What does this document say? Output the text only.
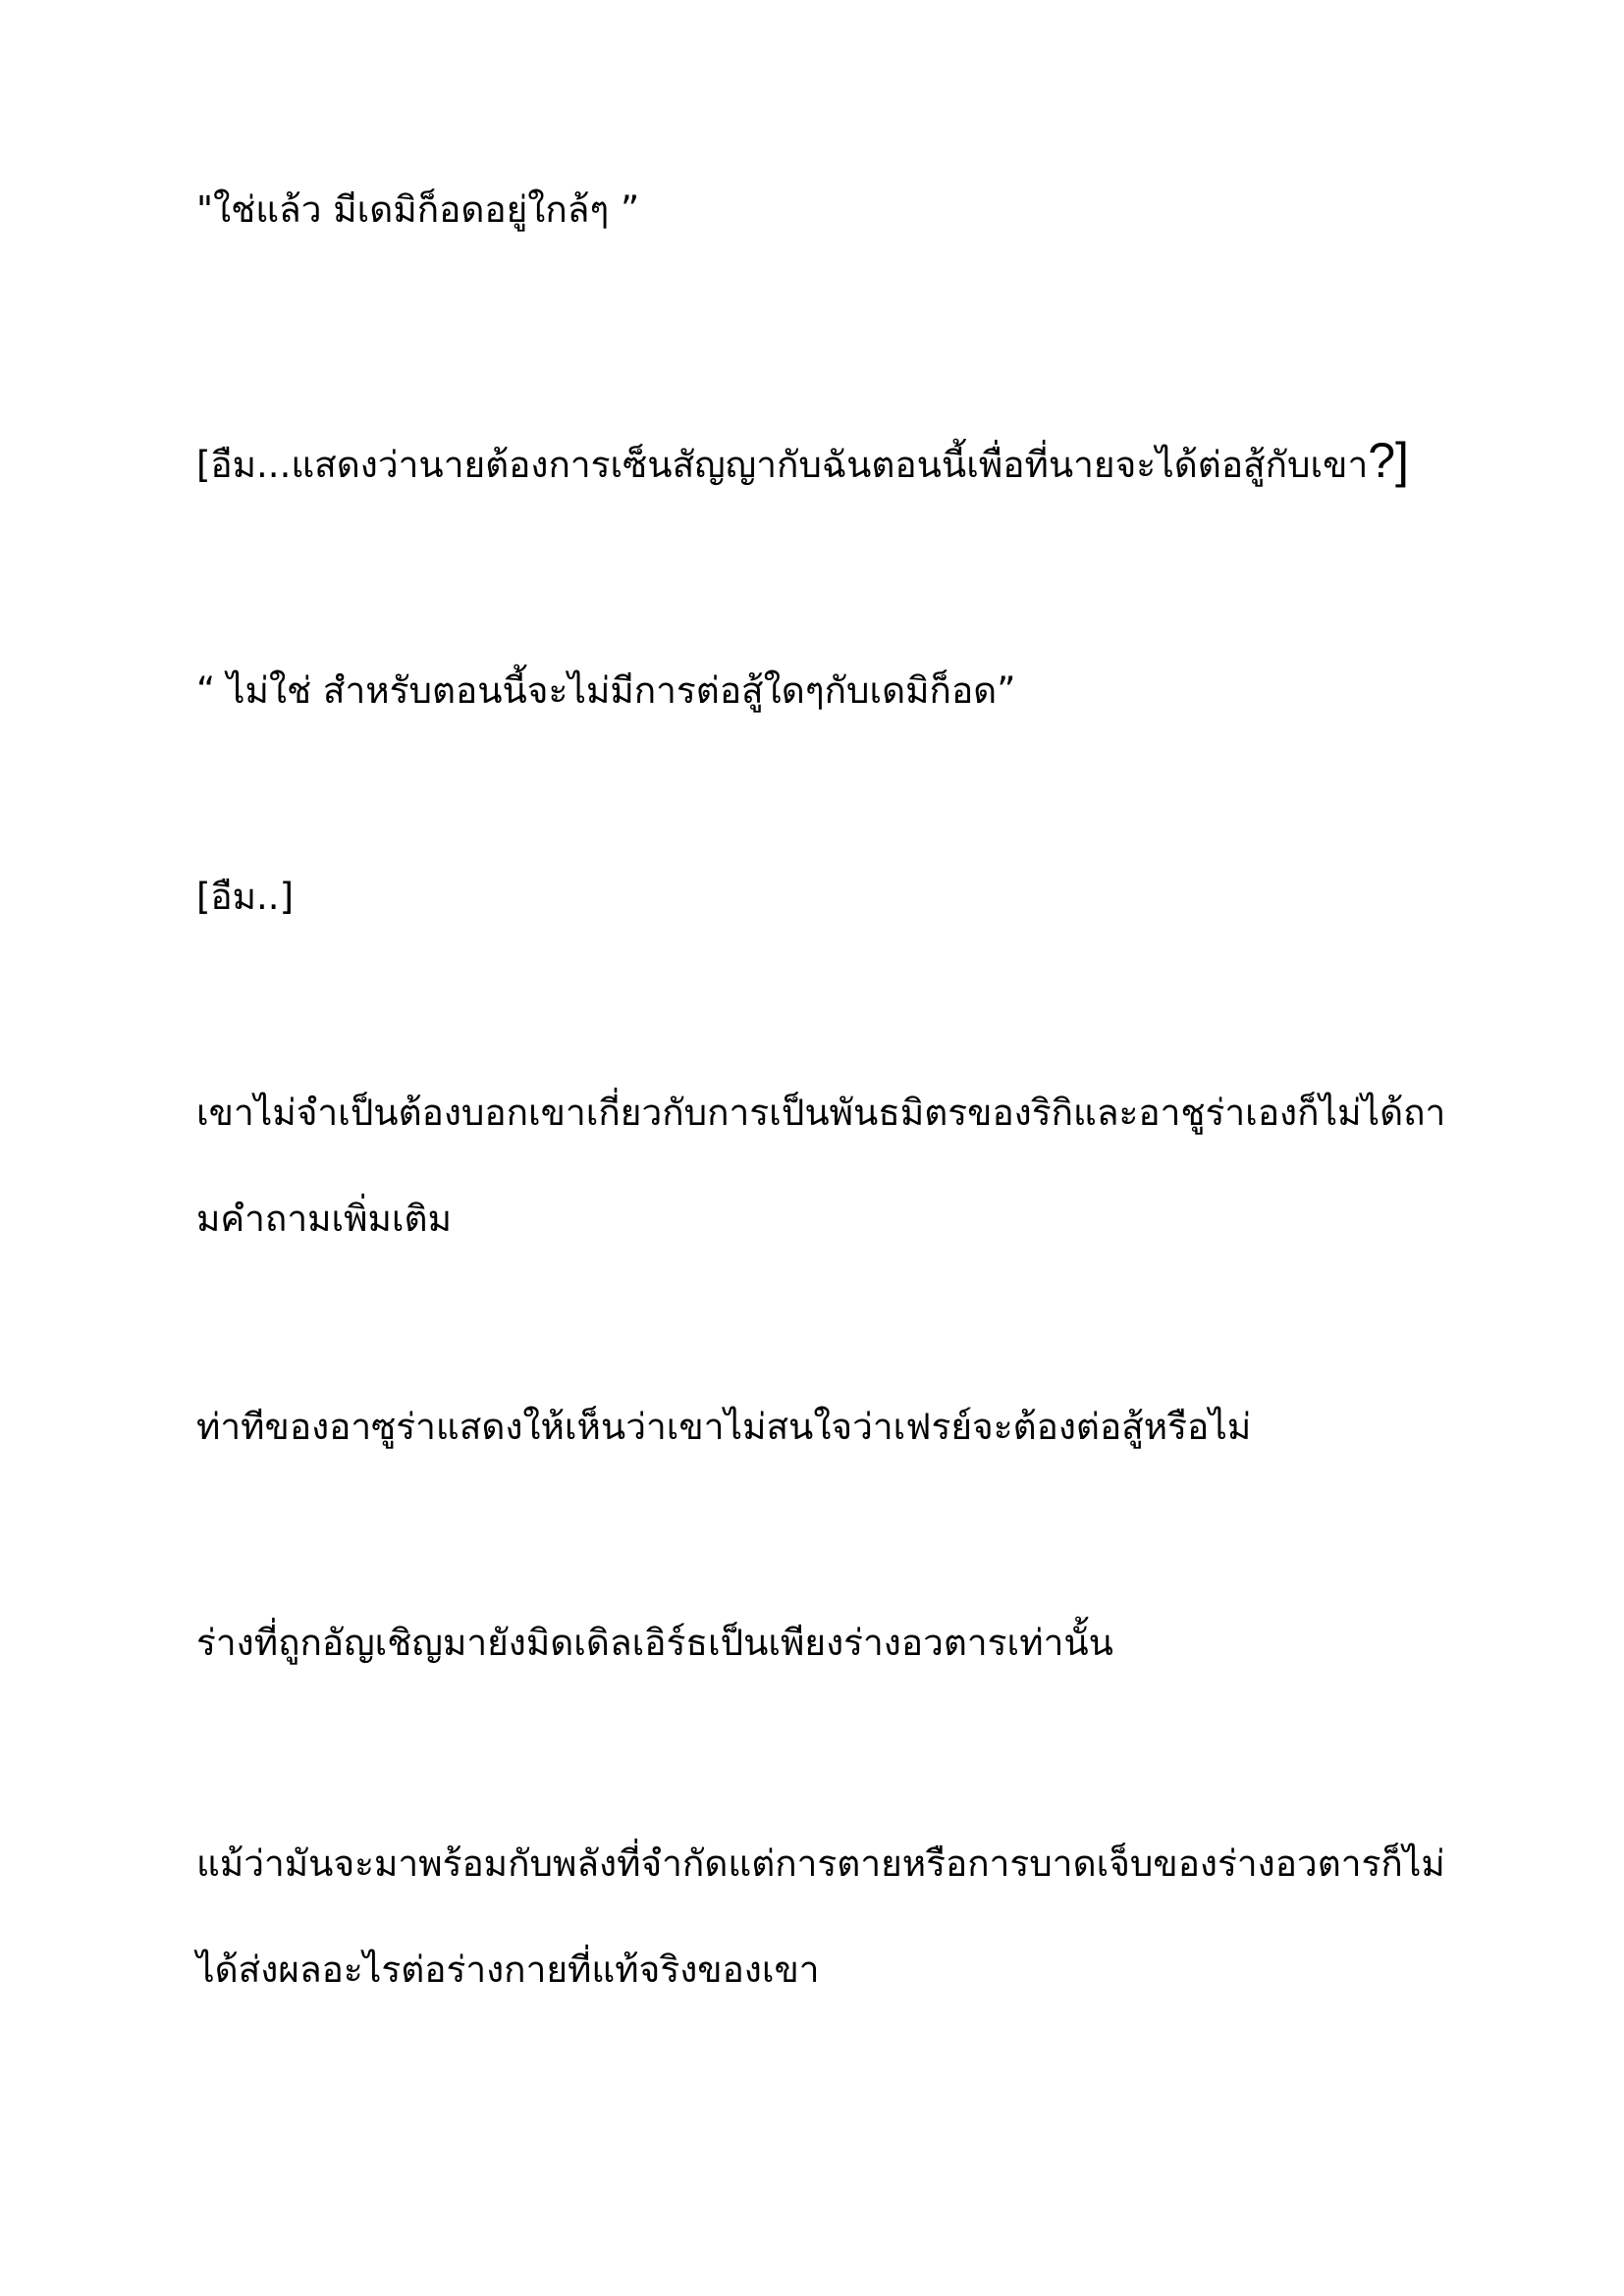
"ใช่แล้ว มีเดมิก็อดอยู่ใกล้ๆ ”

[อืม...แสดงว่านายต้องการเซ็นสัญญากับฉันตอนนี้เพื่อที่นายจะได้ต่อสู้กับเขา?]

“ ไม่ใช่ สำหรับตอนนี้จะไม่มีการต่อสู้ใดๆกับเดมิก็อด”

[อืม..]

เขาไม่จำเป็นต้องบอกเขาเกี่ยวกับการเป็นพันธมิตรของริกิและอาชูร่าเองก็ไม่ได้ถามคำถามเพิ่มเติม

ท่าทีของอาซูร่าแสดงให้เห็นว่าเขาไม่สนใจว่าเฟรย์จะต้องต่อสู้หรือไม่

ร่างที่ถูกอัญเชิญมายังมิดเดิลเอิร์ธเป็นเพียงร่างอวตารเท่านั้น

แม้ว่ามันจะมาพร้อมกับพลังที่จำกัดแต่การตายหรือการบาดเจ็บของร่างอวตารก็ไม่ได้ส่งผลอะไรต่อร่างกายที่แท้จริงของเขา
